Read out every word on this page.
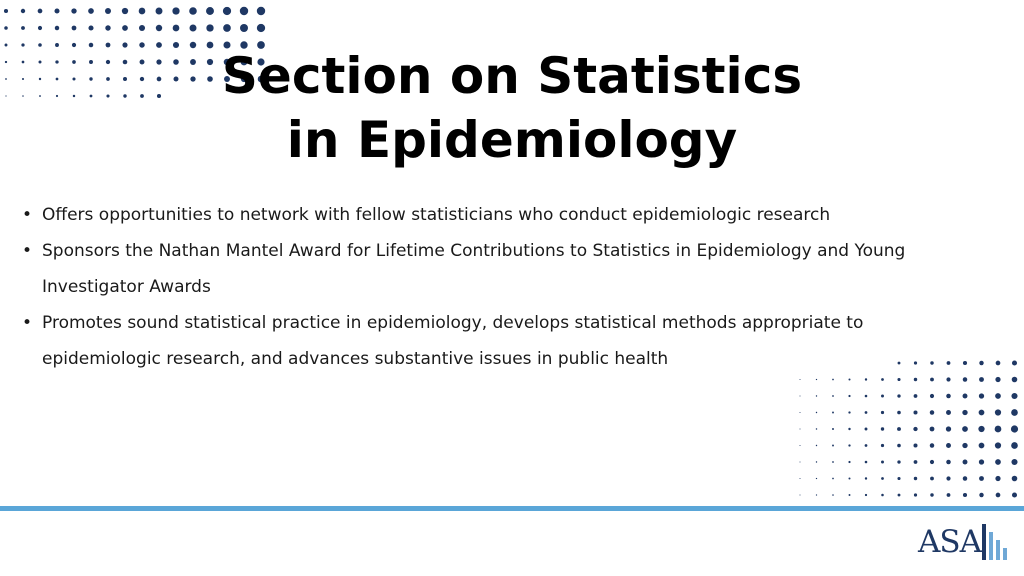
Section on Statistics
in Epidemiology
• Offers opportunities to network with fellow statisticians who conduct epidemiologic research
• Sponsors the Nathan Mantel Award for Lifetime Contributions to Statistics in Epidemiology and Young Investigator Awards
• Promotes sound statistical practice in epidemiology, develops statistical methods appropriate to epidemiologic research, and advances substantive issues in public health
ASA
